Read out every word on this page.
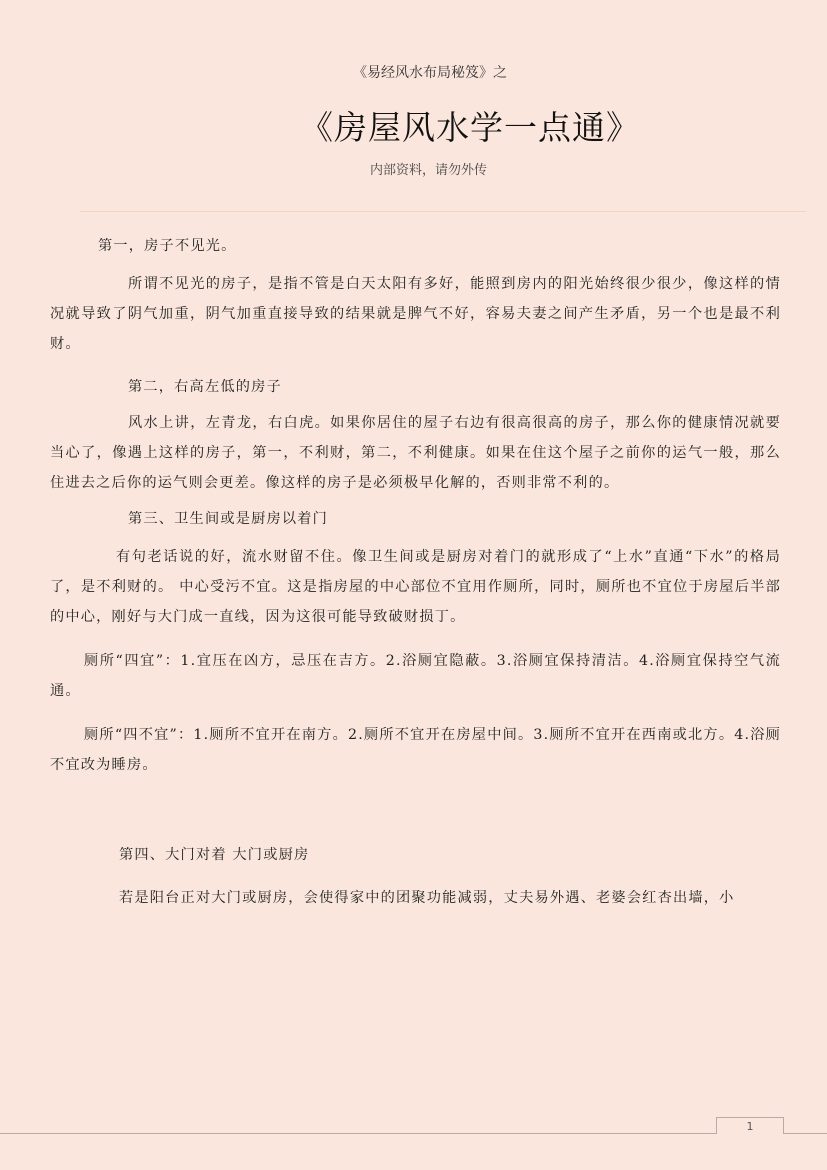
《易经风水布局秘笈》之
《房屋风水学一点通》
内部资料，请勿外传

第一，房子不见光。

所谓不见光的房子，是指不管是白天太阳有多好，能照到房内的阳光始终很少很少，像这样的情况就导致了阴气加重，阴气加重直接导致的结果就是脾气不好，容易夫妻之间产生矛盾，另一个也是最不利财。

第二，右高左低的房子

风水上讲，左青龙，右白虎。如果你居住的屋子右边有很高很高的房子，那么你的健康情况就要当心了，像遇上这样的房子，第一，不利财，第二，不利健康。如果在住这个屋子之前你的运气一般，那么住进去之后你的运气则会更差。像这样的房子是必须极早化解的，否则非常不利的。

第三、卫生间或是厨房以着门

有句老话说的好，流水财留不住。像卫生间或是厨房对着门的就形成了“上水”直通“下水”的格局了，是不利财的。 中心受污不宜。这是指房屋的中心部位不宜用作厕所，同时，厕所也不宜位于房屋后半部的中心，刚好与大门成一直线，因为这很可能导致破财损丁。

厕所“四宜”：1.宜压在凶方，忌压在吉方。2.浴厕宜隐蔽。3.浴厕宜保持清洁。4.浴厕宜保持空气流通。

厕所“四不宜”：1.厕所不宜开在南方。2.厕所不宜开在房屋中间。3.厕所不宜开在西南或北方。4.浴厕不宜改为睡房。

第四、大门对着 大门或厨房

若是阳台正对大门或厨房，会使得家中的团聚功能减弱，丈夫易外遇、老婆会红杏出墙，小

1
